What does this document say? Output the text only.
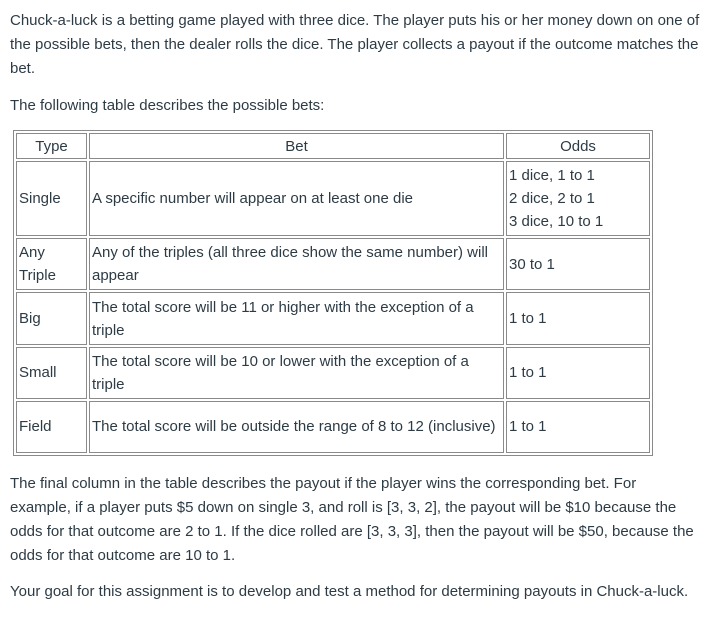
Chuck-a-luck is a betting game played with three dice. The player puts his or her money down on one of the possible bets, then the dealer rolls the dice. The player collects a payout if the outcome matches the bet.

The following table describes the possible bets:

Type	Bet	Odds
Single	A specific number will appear on at least one die	1 dice, 1 to 1
2 dice, 2 to 1
3 dice, 10 to 1

Any Triple	Any of the triples (all three dice show the same number) will appear	30 to 1
Big	The total score will be 11 or higher with the exception of a triple	1 to 1
Small	The total score will be 10 or lower with the exception of a triple	1 to 1
Field	The total score will be outside the range of 8 to 12 (inclusive)	1 to 1

The final column in the table describes the payout if the player wins the corresponding bet. For example, if a player puts $5 down on single 3, and roll is [3, 3, 2], the payout will be $10 because the odds for that outcome are 2 to 1. If the dice rolled are [3, 3, 3], then the payout will be $50, because the odds for that outcome are 10 to 1.

Your goal for this assignment is to develop and test a method for determining payouts in Chuck-a-luck.
